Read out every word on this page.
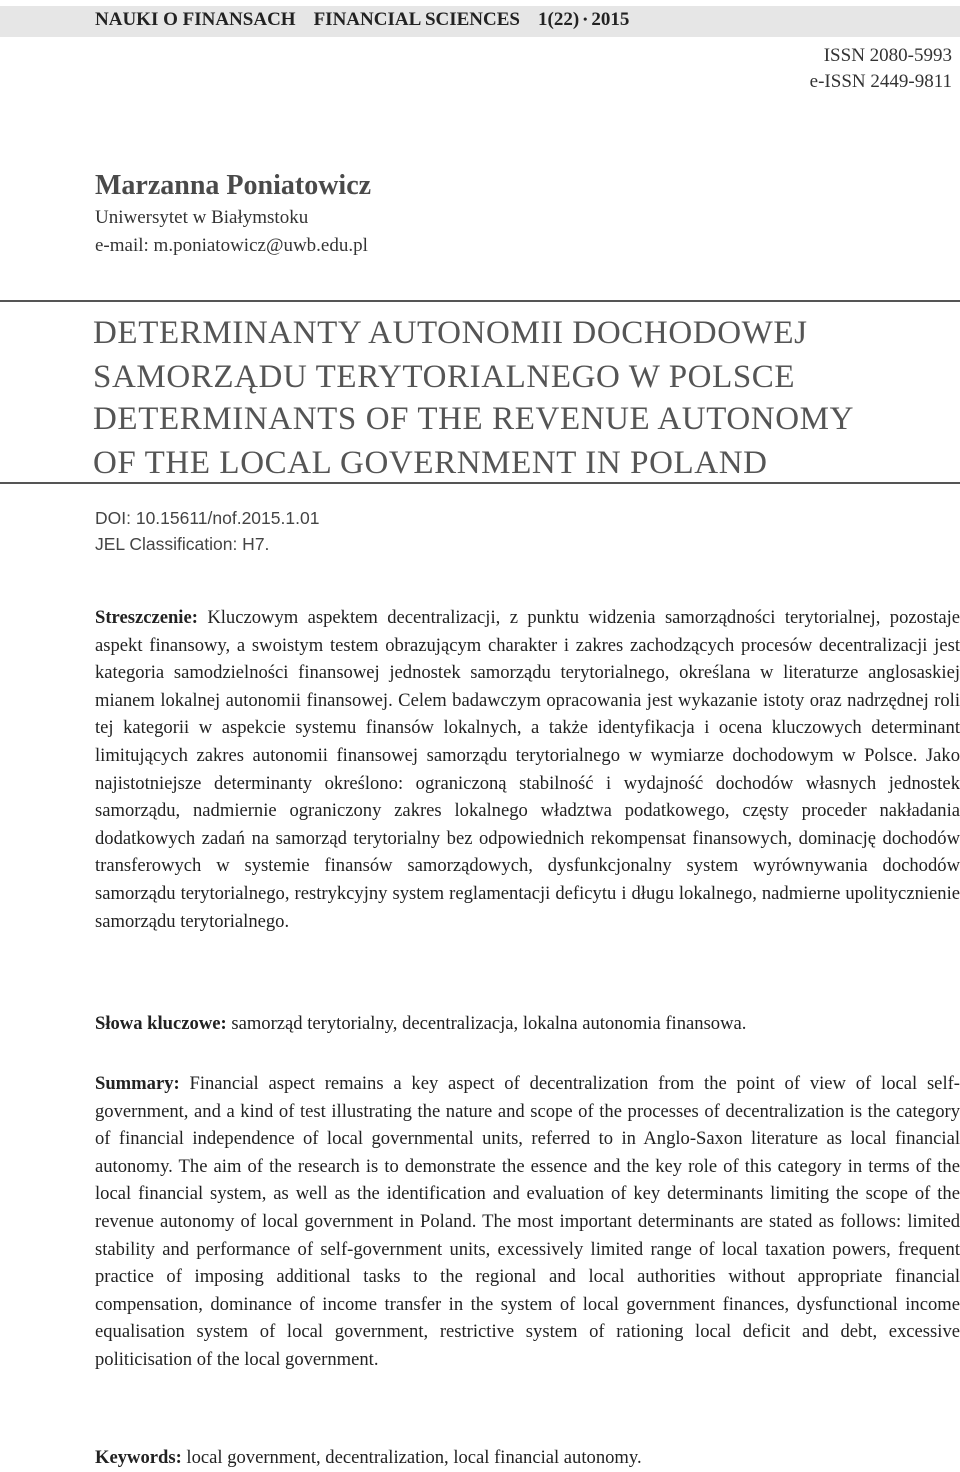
NAUKI O FINANSACH FINANCIAL SCIENCES 1(22) • 2015
ISSN 2080-5993
e-ISSN 2449-9811
Marzanna Poniatowicz
Uniwersytet w Białymstoku
e-mail: m.poniatowicz@uwb.edu.pl
DETERMINANTY AUTONOMII DOCHODOWEJ
SAMORZĄDU TERYTORIALNEGO W POLSCE
DETERMINANTS OF THE REVENUE AUTONOMY
OF THE LOCAL GOVERNMENT IN POLAND
DOI: 10.15611/nof.2015.1.01
JEL Classification: H7.
Streszczenie: Kluczowym aspektem decentralizacji, z punktu widzenia samorządności terytorialnej, pozostaje aspekt finansowy, a swoistym testem obrazującym charakter i zakres zachodzących procesów decentralizacji jest kategoria samodzielności finansowej jednostek samorządu terytorialnego, określana w literaturze anglosaskiej mianem lokalnej autonomii finansowej. Celem badawczym opracowania jest wykazanie istoty oraz nadrzędnej roli tej kategorii w aspekcie systemu finansów lokalnych, a także identyfikacja i ocena kluczowych determinant limitujących zakres autonomii finansowej samorządu terytorialnego w wymiarze dochodowym w Polsce. Jako najistotniejsze determinanty określono: ograniczoną stabilność i wydajność dochodów własnych jednostek samorządu, nadmiernie ograniczony zakres lokalnego władztwa podatkowego, częsty proceder nakładania dodatkowych zadań na samorząd terytorialny bez odpowiednich rekompensat finansowych, dominację dochodów transferowych w systemie finansów samorządowych, dysfunkcjonalny system wyrównywania dochodów samorządu terytorialnego, restrykcyjny system reglamentacji deficytu i długu lokalnego, nadmierne upolitycznienie samorządu terytorialnego.
Słowa kluczowe: samorząd terytorialny, decentralizacja, lokalna autonomia finansowa.
Summary: Financial aspect remains a key aspect of decentralization from the point of view of local self-government, and a kind of test illustrating the nature and scope of the processes of decentralization is the category of financial independence of local governmental units, referred to in Anglo-Saxon literature as local financial autonomy. The aim of the research is to demonstrate the essence and the key role of this category in terms of the local financial system, as well as the identification and evaluation of key determinants limiting the scope of the revenue autonomy of local government in Poland. The most important determinants are stated as follows: limited stability and performance of self-government units, excessively limited range of local taxation powers, frequent practice of imposing additional tasks to the regional and local authorities without appropriate financial compensation, dominance of income transfer in the system of local government finances, dysfunctional income equalisation system of local government, restrictive system of rationing local deficit and debt, excessive politicisation of the local government.
Keywords: local government, decentralization, local financial autonomy.
